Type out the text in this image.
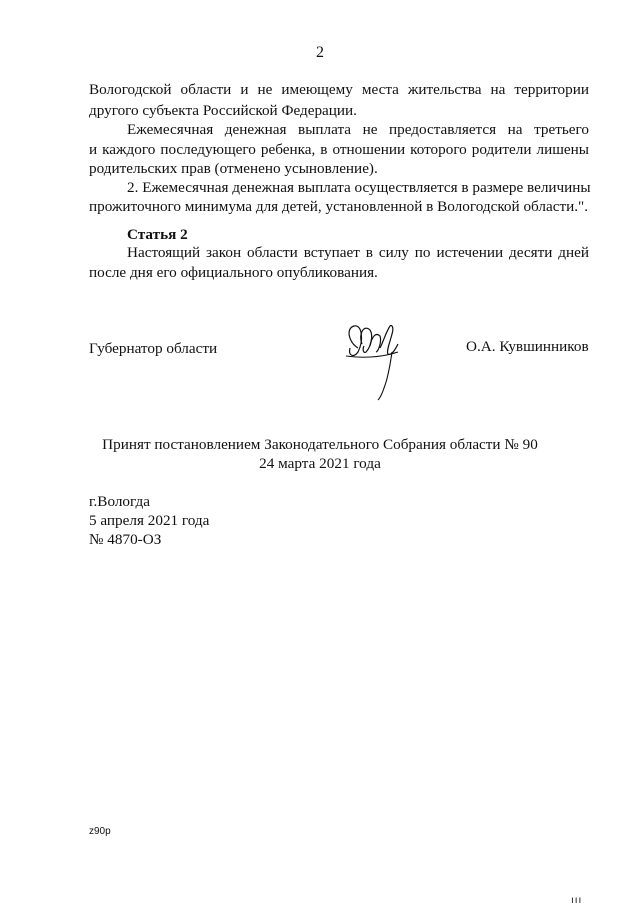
2
Вологодской области и не имеющему места жительства на территории
другого субъекта Российской Федерации.
Ежемесячная денежная выплата не предоставляется на третьего
и каждого последующего ребенка, в отношении которого родители лишены
родительских прав (отменено усыновление).
2. Ежемесячная денежная выплата осуществляется в размере величины
прожиточного минимума для детей, установленной в Вологодской области.".
Статья 2
Настоящий закон области вступает в силу по истечении десяти дней
после дня его официального опубликования.
Губернатор области	О.А. Кувшинников
Принят постановлением Законодательного Собрания области № 90
24 марта 2021 года
г.Вологда
5 апреля 2021 года
№ 4870-ОЗ
z90p
ııı
